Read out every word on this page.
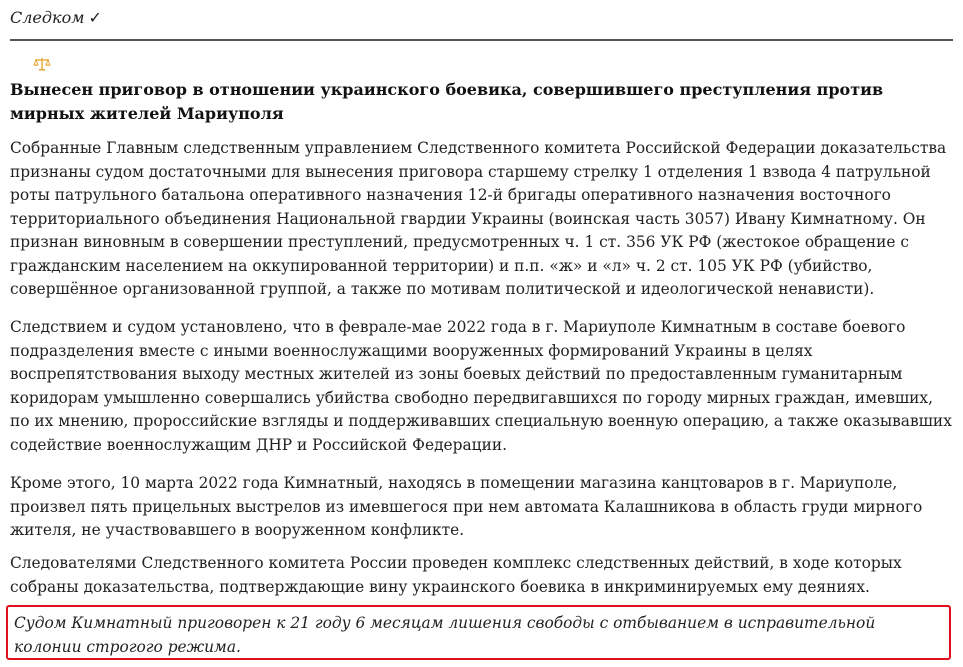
Следком ✓
Вынесен приговор в отношении украинского боевика, совершившего преступления против мирных жителей Мариуполя

Собранные Главным следственным управлением Следственного комитета Российской Федерации доказательства признаны судом достаточными для вынесения приговора старшему стрелку 1 отделения 1 взвода 4 патрульной роты патрульного батальона оперативного назначения 12-й бригады оперативного назначения восточного территориального объединения Национальной гвардии Украины (воинская часть 3057) Ивану Кимнатному. Он признан виновным в совершении преступлений, предусмотренных ч. 1 ст. 356 УК РФ (жестокое обращение с гражданским населением на оккупированной территории) и п.п. «ж» и «л» ч. 2 ст. 105 УК РФ (убийство, совершённое организованной группой, а также по мотивам политической и идеологической ненависти).

Следствием и судом установлено, что в феврале-мае 2022 года в г. Мариуполе Кимнатным в составе боевого подразделения вместе с иными военнослужащими вооруженных формирований Украины в целях воспрепятствования выходу местных жителей из зоны боевых действий по предоставленным гуманитарным коридорам умышленно совершались убийства свободно передвигавшихся по городу мирных граждан, имевших, по их мнению, пророссийские взгляды и поддерживавших специальную военную операцию, а также оказывавших содействие военнослужащим ДНР и Российской Федерации.

Кроме этого, 10 марта 2022 года Кимнатный, находясь в помещении магазина канцтоваров в г. Мариуполе, произвел пять прицельных выстрелов из имевшегося при нем автомата Калашникова в область груди мирного жителя, не участвовавшего в вооруженном конфликте.

Следователями Следственного комитета России проведен комплекс следственных действий, в ходе которых собраны доказательства, подтверждающие вину украинского боевика в инкриминируемых ему деяниях.

Судом Кимнатный приговорен к 21 году 6 месяцам лишения свободы с отбыванием в исправительной колонии строгого режима.
